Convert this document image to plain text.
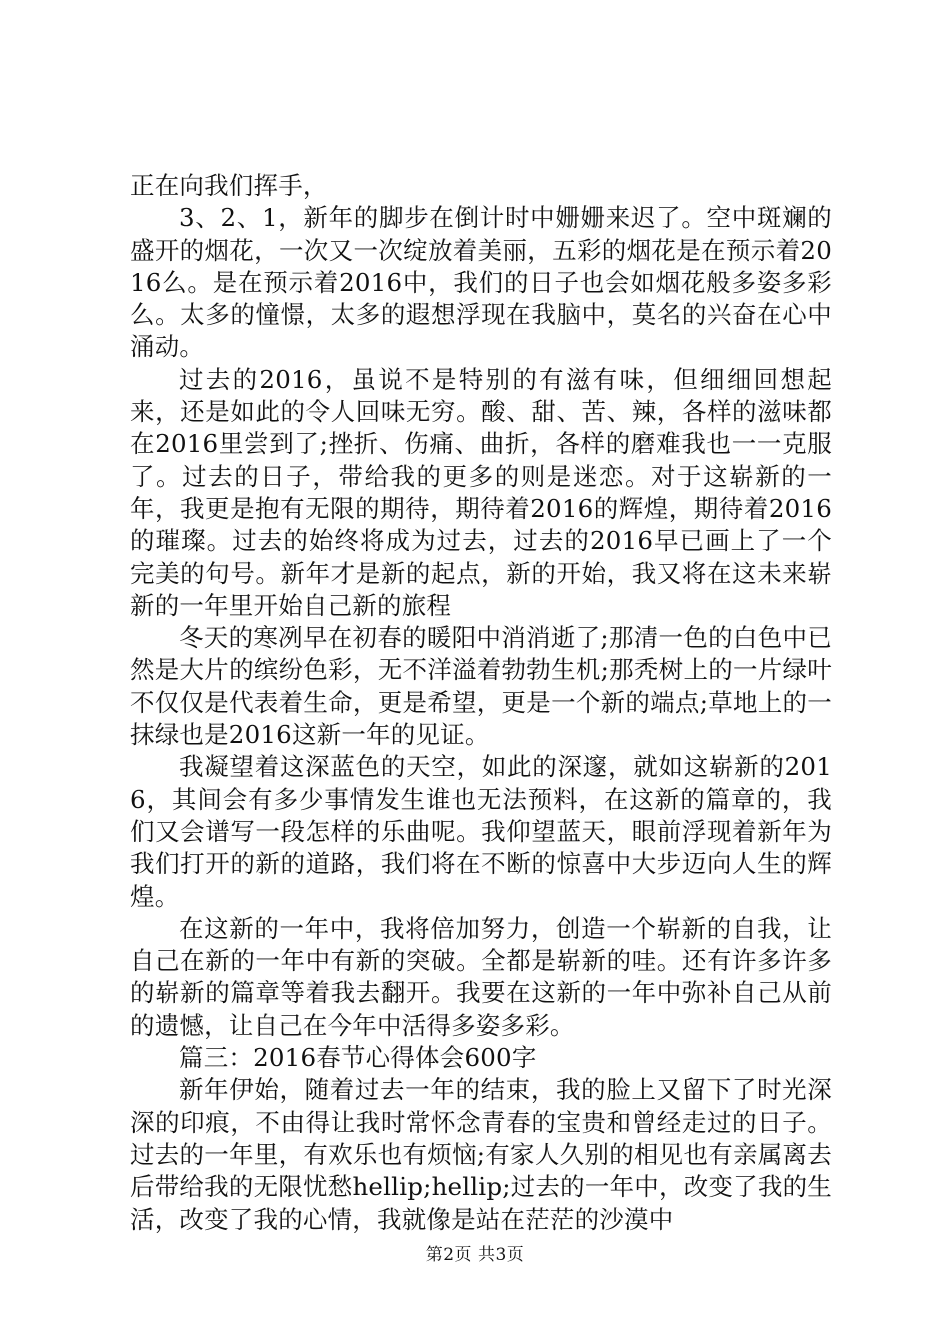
正在向我们挥手，

3、2、1，新年的脚步在倒计时中姗姗来迟了。空中斑斓的盛开的烟花，一次又一次绽放着美丽，五彩的烟花是在预示着2016么。是在预示着2016中，我们的日子也会如烟花般多姿多彩么。太多的憧憬，太多的遐想浮现在我脑中，莫名的兴奋在心中涌动。

过去的2016，虽说不是特别的有滋有味，但细细回想起来，还是如此的令人回味无穷。酸、甜、苦、辣，各样的滋味都在2016里尝到了;挫折、伤痛、曲折，各样的磨难我也一一克服了。过去的日子，带给我的更多的则是迷恋。对于这崭新的一年，我更是抱有无限的期待，期待着2016的辉煌，期待着2016的璀璨。过去的始终将成为过去，过去的2016早已画上了一个完美的句号。新年才是新的起点，新的开始，我又将在这未来崭新的一年里开始自己新的旅程

冬天的寒冽早在初春的暖阳中消消逝了;那清一色的白色中已然是大片的缤纷色彩，无不洋溢着勃勃生机;那秃树上的一片绿叶不仅仅是代表着生命，更是希望，更是一个新的端点;草地上的一抹绿也是2016这新一年的见证。

我凝望着这深蓝色的天空，如此的深邃，就如这崭新的2016，其间会有多少事情发生谁也无法预料，在这新的篇章的，我们又会谱写一段怎样的乐曲呢。我仰望蓝天，眼前浮现着新年为我们打开的新的道路，我们将在不断的惊喜中大步迈向人生的辉煌。

在这新的一年中，我将倍加努力，创造一个崭新的自我，让自己在新的一年中有新的突破。全都是崭新的哇。还有许多许多的崭新的篇章等着我去翻开。我要在这新的一年中弥补自己从前的遗憾，让自己在今年中活得多姿多彩。

篇三：2016春节心得体会600字

新年伊始，随着过去一年的结束，我的脸上又留下了时光深深的印痕，不由得让我时常怀念青春的宝贵和曾经走过的日子。过去的一年里，有欢乐也有烦恼;有家人久别的相见也有亲属离去后带给我的无限忧愁hellip;hellip;过去的一年中，改变了我的生活，改变了我的心情，我就像是站在茫茫的沙漠中

第2页 共3页
